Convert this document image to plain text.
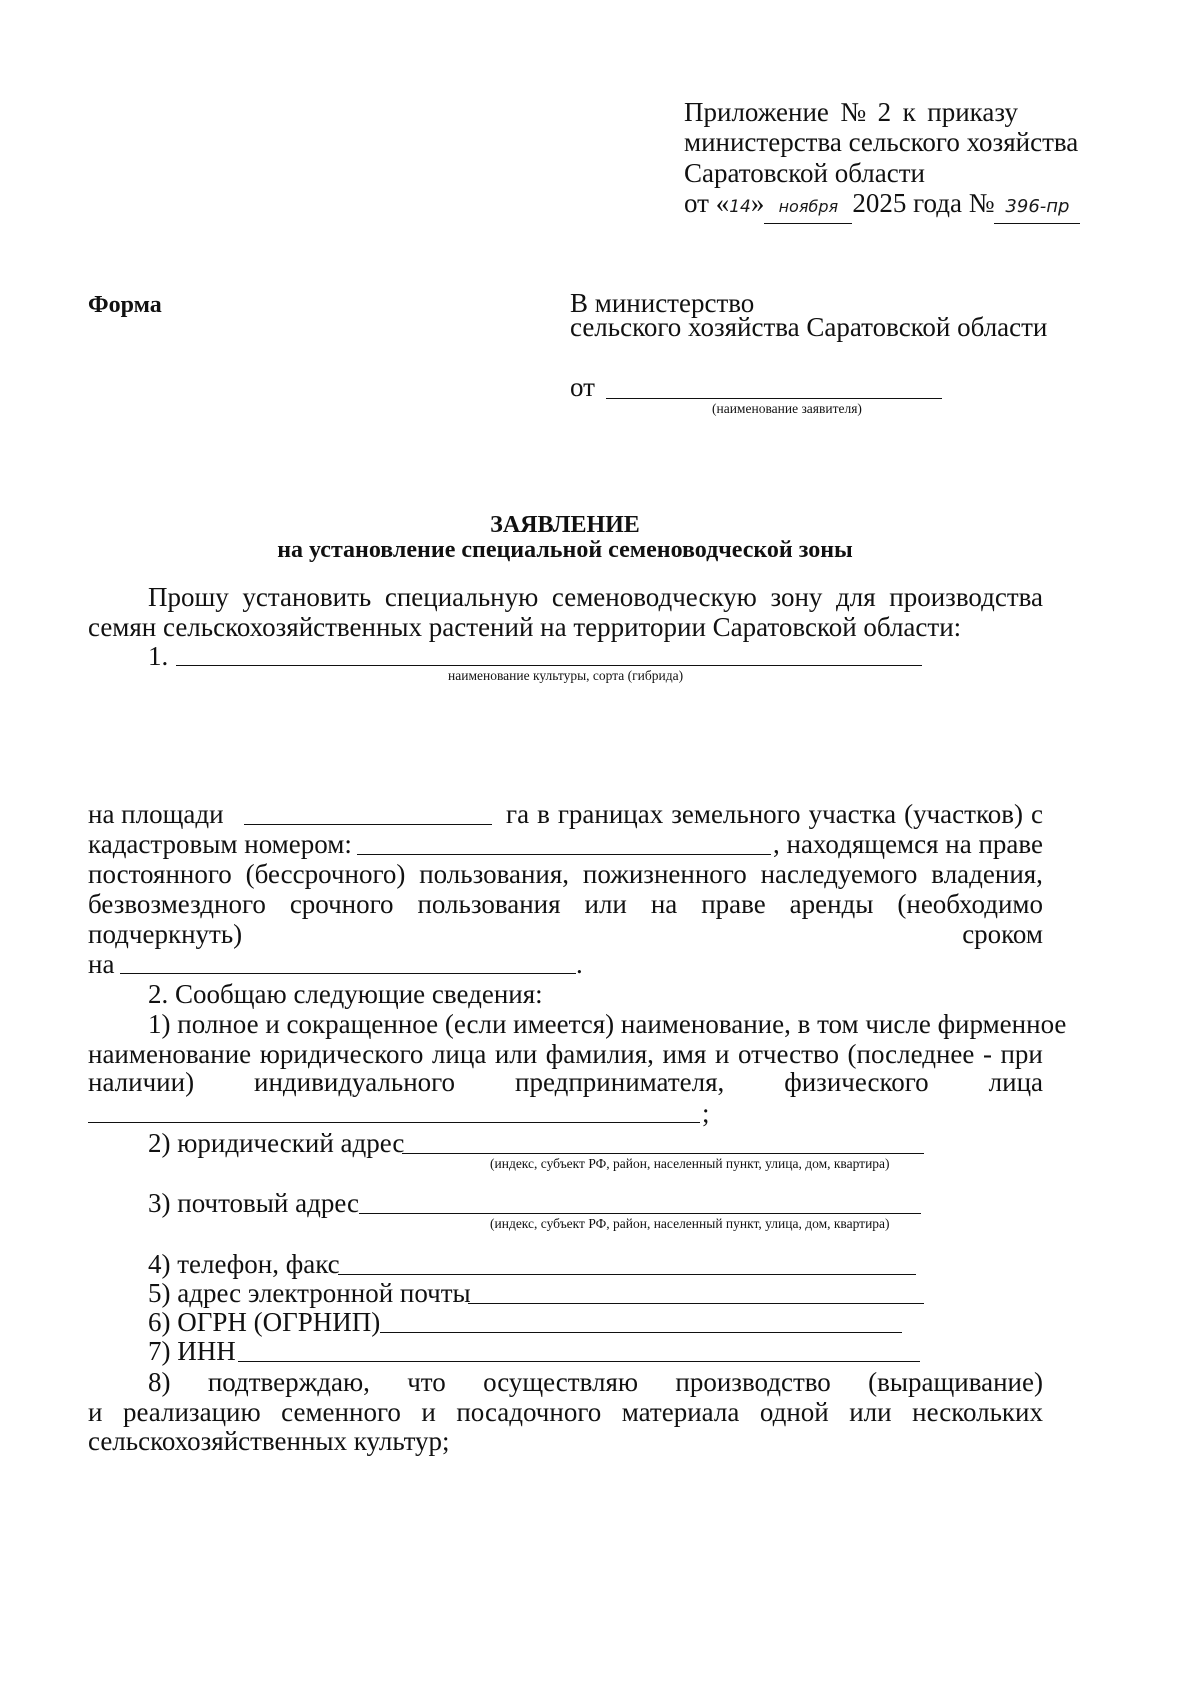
Приложение № 2 к приказу
министерства сельского хозяйства
Саратовской области
от «14» ноября 2025 года № 396-пр
Форма	В министерство
сельского хозяйства Саратовской области
от
(наименование заявителя)
ЗАЯВЛЕНИЕ
на установление специальной семеноводческой зоны
Прошу установить специальную семеноводческую зону для производства
семян сельскохозяйственных растений на территории Саратовской области:
1.
наименование культуры, сорта (гибрида)
на площади	га в границах земельного участка (участков) с
кадастровым номером:	, находящемся на праве
постоянного (бессрочного) пользования, пожизненного наследуемого владения,
безвозмездного срочного пользования или на праве аренды (необходимо
подчеркнуть)	сроком
на	.
2. Сообщаю следующие сведения:
1) полное и сокращенное (если имеется) наименование, в том числе фирменное
наименование юридического лица или фамилия, имя и отчество (последнее - при
наличии) индивидуального предпринимателя, физического лица
;
2) юридический адрес
(индекс, субъект РФ, район, населенный пункт, улица, дом, квартира)
3) почтовый адрес
(индекс, субъект РФ, район, населенный пункт, улица, дом, квартира)
4) телефон, факс
5) адрес электронной почты
6) ОГРН (ОГРНИП)
7) ИНН
8) подтверждаю, что осуществляю производство (выращивание)
и реализацию семенного и посадочного материала одной или нескольких
сельскохозяйственных культур;
